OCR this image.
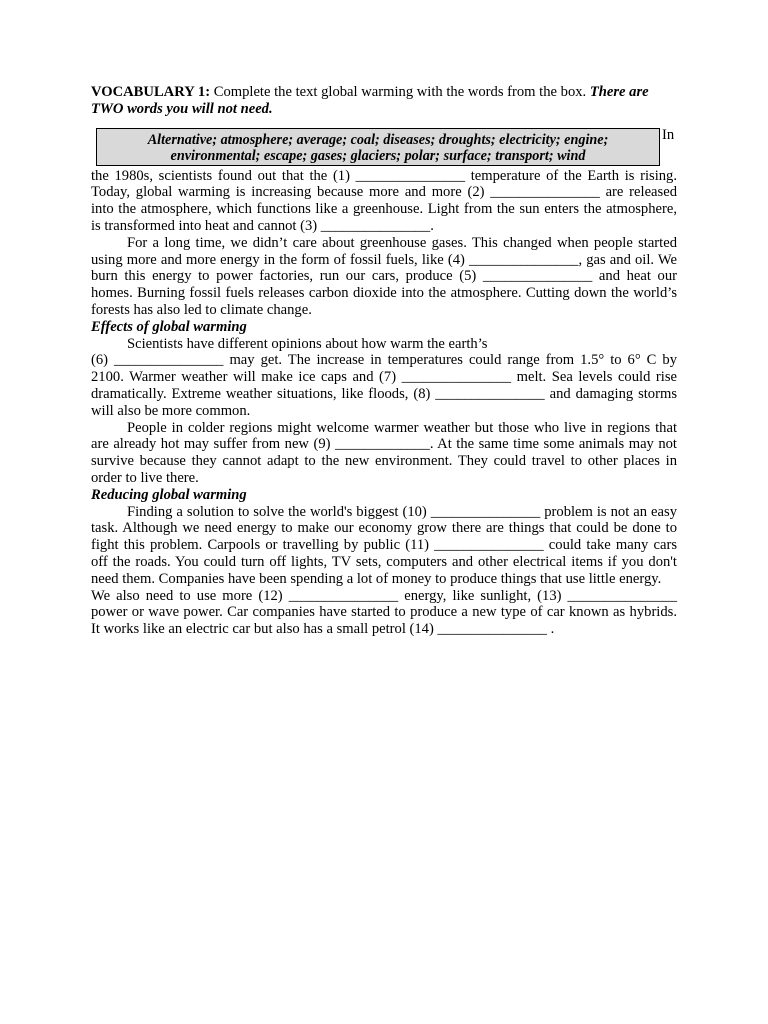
VOCABULARY 1: Complete the text global warming with the words from the box. There are TWO words you will not need.

Alternative; atmosphere; average; coal; diseases; droughts; electricity; engine;
environmental; escape; gases; glaciers; polar; surface; transport; wind
In

the 1980s, scientists found out that the (1) _______________ temperature of the Earth is rising. Today, global warming is increasing because more and more (2) _______________ are released into the atmosphere, which functions like a greenhouse. Light from the sun enters the atmosphere, is transformed into heat and cannot (3) _______________.

For a long time, we didn’t care about greenhouse gases. This changed when people started using more and more energy in the form of fossil fuels, like (4) _______________, gas and oil. We burn this energy to power factories, run our cars, produce (5) _______________ and heat our homes. Burning fossil fuels releases carbon dioxide into the atmosphere. Cutting down the world’s forests has also led to climate change.

Effects of global warming

Scientists have different opinions about how warm the earth’s

(6) _______________ may get. The increase in temperatures could range from 1.5° to 6° C by 2100. Warmer weather will make ice caps and (7) _______________ melt. Sea levels could rise dramatically. Extreme weather situations, like floods, (8) _______________ and damaging storms will also be more common.

People in colder regions might welcome warmer weather but those who live in regions that are already hot may suffer from new (9) _____________. At the same time some animals may not survive because they cannot adapt to the new environment. They could travel to other places in order to live there.

Reducing global warming

Finding a solution to solve the world's biggest (10) _______________ problem is not an easy task. Although we need energy to make our economy grow there are things that could be done to fight this problem. Carpools or travelling by public (11) _______________ could take many cars off the roads. You could turn off lights, TV sets, computers and other electrical items if you don't need them. Companies have been spending a lot of money to produce things that use little energy.

We also need to use more (12) _______________ energy, like sunlight, (13) _______________ power or wave power. Car companies have started to produce a new type of car known as hybrids. It works like an electric car but also has a small petrol (14) _______________ .
